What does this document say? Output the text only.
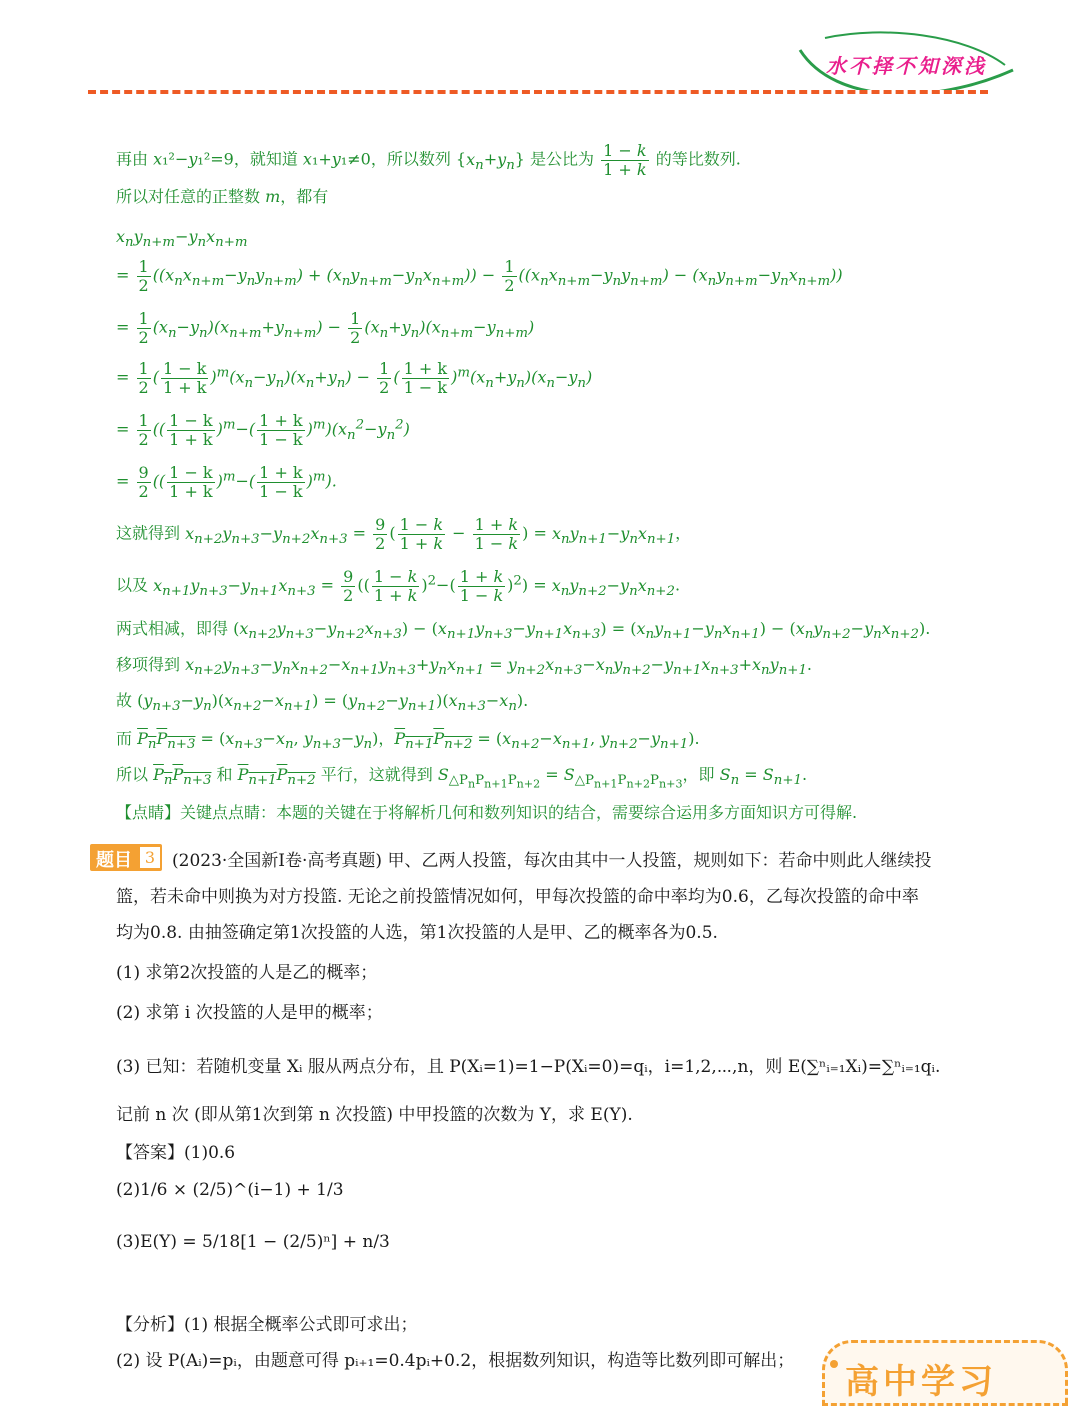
水不择不知深浅
再由 x₁²−y₁²=9，就知道 x₁+y₁≠0，所以数列 $\{x_n+y_n\}$ 是公比为 $\frac{1 - k}{1 + k}$ 的等比数列.
所以对任意的正整数 m，都有
$x_ny_{n+m}-y_nx_{n+m}$
= $\frac{1}{2} ((x_nx_{n+m}-y_ny_{n+m}) + (x_ny_{n+m}-y_nx_{n+m})) - \frac{1}{2} ((x_nx_{n+m}-y_ny_{n+m}) - (x_ny_{n+m}-y_nx_{n+m}))$
= $\frac{1}{2} (x_n-y_n)(x_{n+m}+y_{n+m}) - \frac{1}{2} (x_n+y_n)(x_{n+m}-y_{n+m})$
= $\frac{1}{2}$ ( $\frac{1 - k}{1 + k} )^m(x_n-y_n)(x_n+y_n) - \frac{1}{2}$ ( $\frac{1 + k}{1 - k} )^m(x_n+y_n)(x_n-y_n)$
= $\frac{1}{2}$ (( $\frac{1 - k}{1 + k} )^m-( \frac{1 + k}{1 - k} )^m)(x_n^2-y_n^2)$
= $\frac{9}{2}$ (( $\frac{1 - k}{1 + k} )^m-( \frac{1 + k}{1 - k} )^m$).
这就得到 $x_{n+2}y_{n+3}-y_{n+2}x_{n+3} = \frac{9}{2}$ ( $\frac{1 - k}{1 + k} - \frac{1 + k}{1 - k}$ ) = $x_ny_{n+1}-y_nx_{n+1}$，
以及 $x_{n+1}y_{n+3}-y_{n+1}x_{n+3} = \frac{9}{2}$ (( $\frac{1 - k}{1 + k} )^2-( \frac{1 + k}{1 - k} )^2) = x_ny_{n+2}-y_nx_{n+2}$.
两式相减，即得 $(x_{n+2}y_{n+3}-y_{n+2}x_{n+3}) - (x_{n+1}y_{n+3}-y_{n+1}x_{n+3}) = (x_ny_{n+1}-y_nx_{n+1}) - (x_ny_{n+2}-y_nx_{n+2})$.
移项得到 $x_{n+2}y_{n+3}-y_nx_{n+2}-x_{n+1}y_{n+3}+y_nx_{n+1} = y_{n+2}x_{n+3}-x_ny_{n+2}-y_{n+1}x_{n+3}+x_ny_{n+1}$.
故 $(y_{n+3}-y_n)(x_{n+2}-x_{n+1}) = (y_{n+2}-y_{n+1})(x_{n+3}-x_n)$.
而 $P_nP_{n+3} = (x_{n+3}-x_n$, $y_{n+3}-y_n$)，$P_{n+1}P_{n+2} = (x_{n+2}-x_{n+1}$, $y_{n+2}-y_{n+1}$).
所以 $P_nP_{n+3}$ 和 $P_{n+1}P_{n+2}$ 平行，这就得到 $S_{\triangle P_nP_{n+1}P_{n+2}} = S_{\triangle P_{n+1}P_{n+2}P_{n+3}}$，即 $S_n = S_{n+1}$.
【点睛】关键点点睛：本题的关键在于将解析几何和数列知识的结合，需要综合运用多方面知识方可得解.
题目 3 (2023·全国新Ⅰ卷·高考真题) 甲、乙两人投篮，每次由其中一人投篮，规则如下：若命中则此人继续投
篮，若未命中则换为对方投篮. 无论之前投篮情况如何，甲每次投篮的命中率均为0.6，乙每次投篮的命中率
均为0.8. 由抽签确定第1次投篮的人选，第1次投篮的人是甲、乙的概率各为0.5.
(1) 求第2次投篮的人是乙的概率；
(2) 求第 i 次投篮的人是甲的概率；
(3) 已知：若随机变量 Xᵢ 服从两点分布，且 P(Xᵢ=1)=1−P(Xᵢ=0)=qᵢ，i=1,2,⋯,n，则 E(∑ⁿᵢ₌₁Xᵢ)=∑ⁿᵢ₌₁qᵢ.
记前 n 次 (即从第1次到第 n 次投篮) 中甲投篮的次数为 Y，求 E(Y).
【答案】(1)0.6
(2)1/6 × (2/5)^(i−1) + 1/3
(3)E(Y) = 5/18[1 − (2/5)ⁿ] + n/3
【分析】(1) 根据全概率公式即可求出；
(2) 设 P(Aᵢ)=pᵢ，由题意可得 pᵢ₊₁=0.4pᵢ+0.2，根据数列知识，构造等比数列即可解出；
高中学习
